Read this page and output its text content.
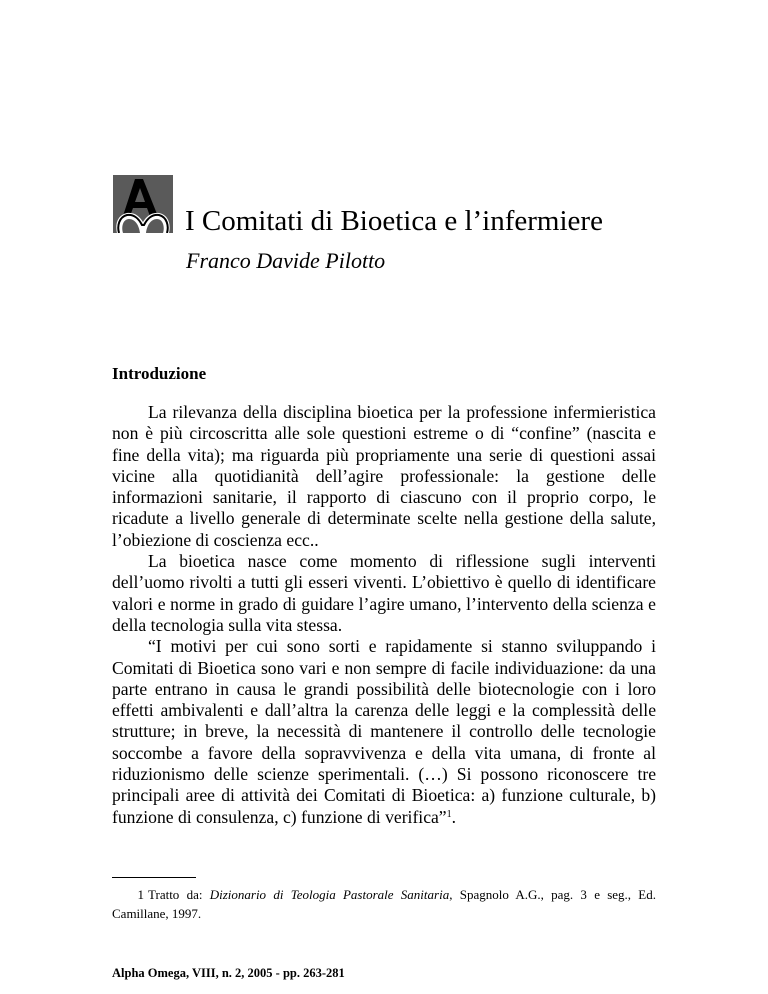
I Comitati di Bioetica e l’infermiere
Franco Davide Pilotto
Introduzione

La rilevanza della disciplina bioetica per la professione infermieristica non è più circoscritta alle sole questioni estreme o di “confine” (nascita e fine della vita); ma riguarda più propriamente una serie di questioni assai vicine alla quotidianità dell’agire professionale: la gestione delle informazioni sanitarie, il rapporto di ciascuno con il proprio corpo, le ricadute a livello generale di determinate scelte nella gestione della salute, l’obiezione di coscienza ecc..

La bioetica nasce come momento di riflessione sugli interventi dell’uomo rivolti a tutti gli esseri viventi. L’obiettivo è quello di identificare valori e norme in grado di guidare l’agire umano, l’intervento della scienza e della tecnologia sulla vita stessa.

“I motivi per cui sono sorti e rapidamente si stanno sviluppando i Comitati di Bioetica sono vari e non sempre di facile individuazione: da una parte entrano in causa le grandi possibilità delle biotecnologie con i loro effetti ambivalenti e dall’altra la carenza delle leggi e la complessità delle strutture; in breve, la necessità di mantenere il controllo delle tecnologie soccombe a favore della sopravvivenza e della vita umana, di fronte al riduzionismo delle scienze sperimentali. (…) Si possono riconoscere tre principali aree di attività dei Comitati di Bioetica: a) funzione culturale, b) funzione di consulenza, c) funzione di verifica”$^1$.

1 Tratto da: Dizionario di Teologia Pastorale Sanitaria, Spagnolo A.G., pag. 3 e seg., Ed. Camillane, 1997.
Alpha Omega, VIII, n. 2, 2005 - pp. 263-281
